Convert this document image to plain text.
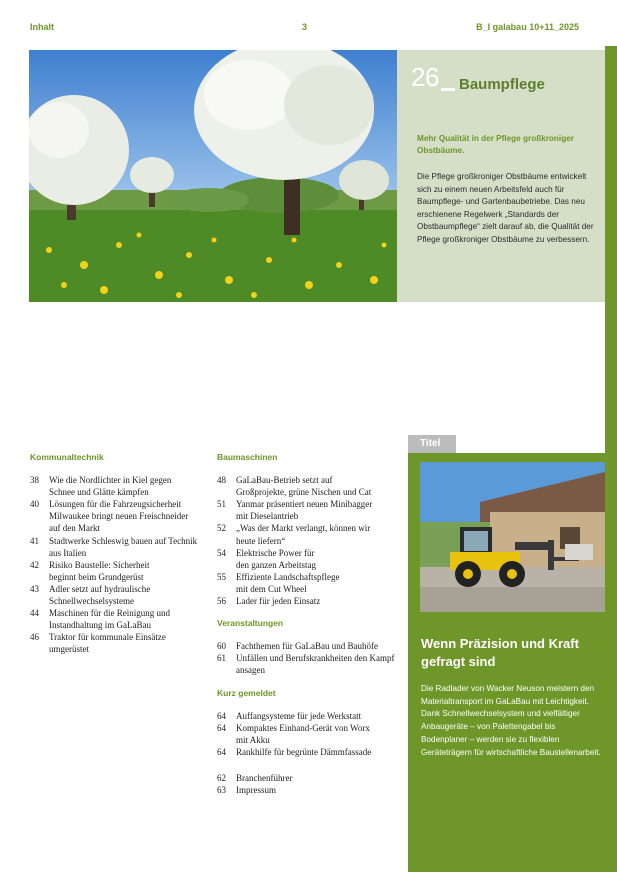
Inhalt	3	B_I galabau 10+11_2025
26 Baumpflege
Mehr Qualität in der Pflege großkroniger Obstbäume.
Die Pflege großkroniger Obstbäume entwickelt sich zu einem neuen Arbeitsfeld auch für Baumpflege- und Gartenbaubetriebe. Das neu erschienene Regelwerk „Standards der Obstbaumpflege“ zielt darauf ab, die Qualität der Pflege großkroniger Obstbäume zu verbessern.
Kommunaltechnik
38	Wie die Nordlichter in Kiel gegen
Schnee und Glätte kämpfen
40	Lösungen für die Fahrzeugsicherheit
Milwaukee bringt neuen Freischneider
auf den Markt
41	Stadtwerke Schleswig bauen auf Technik
aus Italien
42	Risiko Baustelle: Sicherheit
beginnt beim Grundgerüst
43	Adler setzt auf hydraulische
Schnellwechselsysteme
44	Maschinen für die Reinigung und
Instandhaltung im GaLaBau
46	Traktor für kommunale Einsätze
umgerüstet
Baumaschinen
48	GaLaBau-Betrieb setzt auf
Großprojekte, grüne Nischen und Cat
51	Yanmar präsentiert neuen Minibagger
mit Dieselantrieb
52	„Was der Markt verlangt, können wir
heute liefern“
54	Elektrische Power für
den ganzen Arbeitstag
55	Effiziente Landschaftspflege
mit dem Cut Wheel
56	Lader für jeden Einsatz
Veranstaltungen
60	Fachthemen für GaLaBau und Bauhöfe
61	Unfällen und Berufskrankheiten den Kampf
ansagen
Kurz gemeldet
64	Auffangsysteme für jede Werkstatt
64	Kompaktes Einhand-Gerät von Worx
mit Akku
64	Rankhilfe für begrünte Dämmfassade
62	Branchenführer
63	Impressum
Titel
Wenn Präzision und Kraft gefragt sind
Die Radlader von Wacker Neuson meistern den Materialtransport im GaLaBau mit Leichtigkeit. Dank Schnellwechselsystem und vielfältiger Anbaugeräte – von Palettengabel bis Bodenplaner – werden sie zu flexiblen Geräteträgern für wirtschaftliche Baustellenarbeit.
